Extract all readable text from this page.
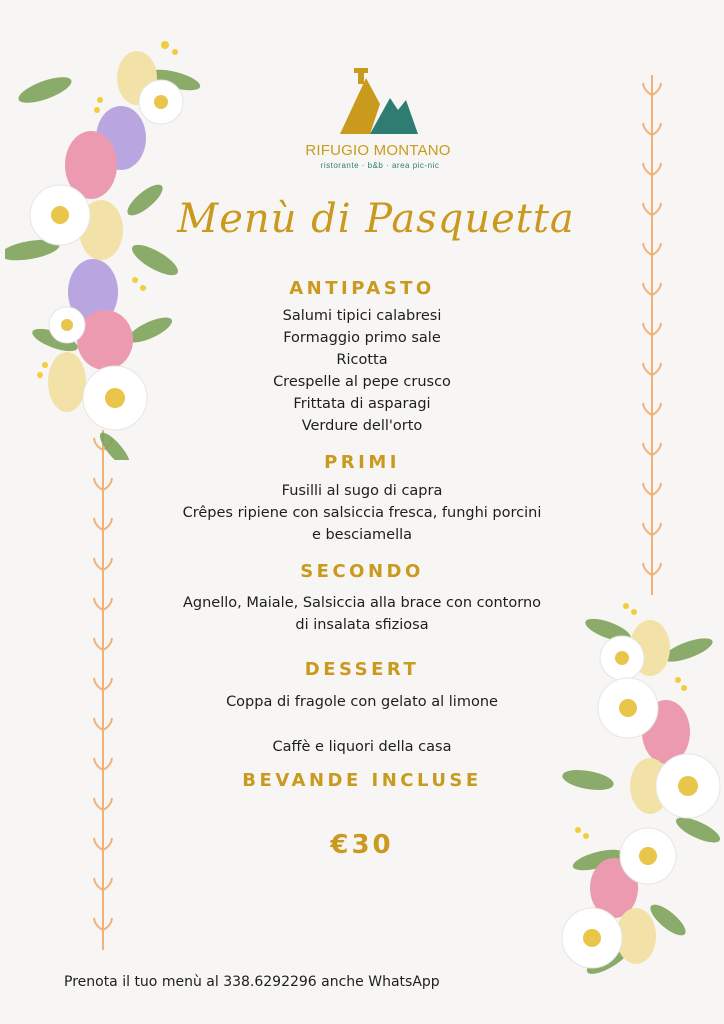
RIFUGIO MONTANO
ristorante · b&b · area pic-nic
Menù di Pasquetta
ANTIPASTO
Salumi tipici calabresi
Formaggio primo sale
Ricotta
Crespelle al pepe crusco
Frittata di asparagi
Verdure dell'orto
PRIMI
Fusilli al sugo di capra
Crêpes ripiene con salsiccia fresca, funghi porcini
e besciamella
SECONDO
Agnello, Maiale, Salsiccia alla brace con contorno
di insalata sfiziosa
DESSERT
Coppa di fragole con gelato al limone
Caffè e liquori della casa
BEVANDE INCLUSE
€30
Prenota il tuo menù al 338.6292296 anche WhatsApp
